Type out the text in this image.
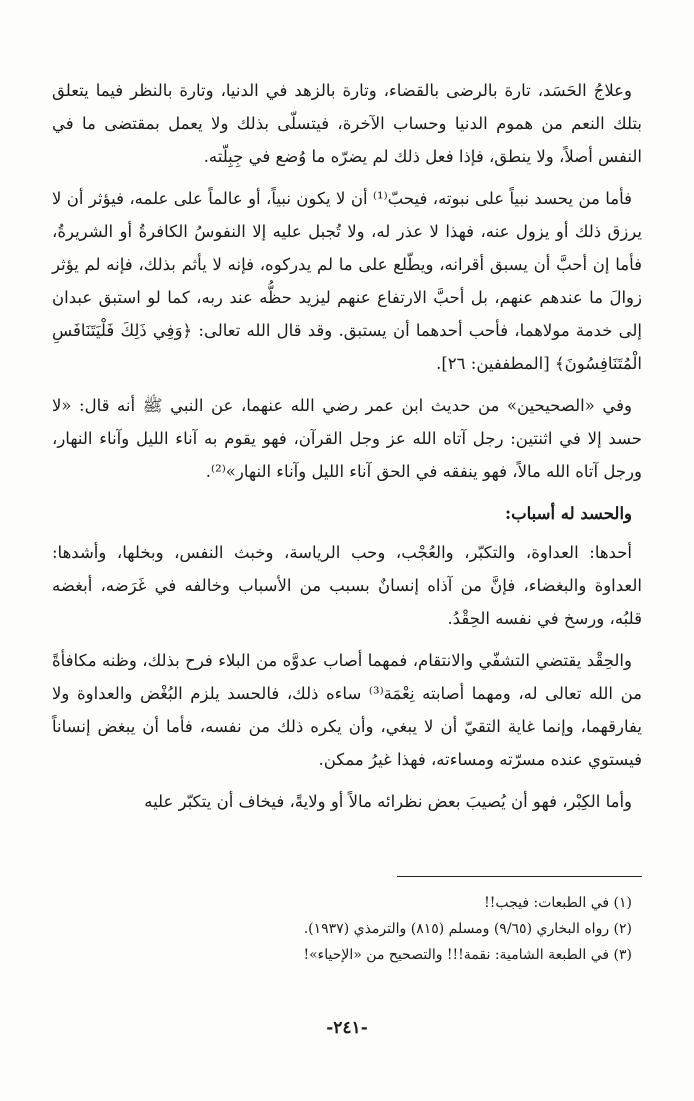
وعلاجُ الحَسَد، تارة بالرضى بالقضاء، وتارة بالزهد في الدنيا، وتارة بالنظر فيما يتعلق بتلك النعم من هموم الدنيا وحساب الآخرة، فيتسلّى بذلك ولا يعمل بمقتضى ما في النفس أصلاً، ولا ينطق، فإذا فعل ذلك لم يضرّه ما وُضع في جِبِلّته.

فأما من يحسد نبياً على نبوته، فيحبّ⁽¹⁾ أن لا يكون نبياً، أو عالماً على علمه، فيؤثر أن لا يرزق ذلك أو يزول عنه، فهذا لا عذر له، ولا تُجبل عليه إلا النفوسُ الكافرةُ أو الشريرةُ، فأما إن أحبَّ أن يسبق أقرانه، ويطّلع على ما لم يدركوه، فإنه لا يأثم بذلك، فإنه لم يؤثر زوالَ ما عندهم عنهم، بل أحبَّ الارتفاع عنهم ليزيد حظُّه عند ربه، كما لو استبق عبدان إلى خدمة مولاهما، فأحب أحدهما أن يستبق. وقد قال الله تعالى: ﴿وَفِي ذَلِكَ فَلْيَتَنَافَسِ الْمُتَنَافِسُونَ﴾ [المطففين: ٢٦].

وفي «الصحيحين» من حديث ابن عمر رضي الله عنهما، عن النبي ﷺ أنه قال: «لا حسد إلا في اثنتين: رجل آتاه الله عز وجل القرآن، فهو يقوم به آناء الليل وآناء النهار، ورجل آتاه الله مالاً، فهو ينفقه في الحق آناء الليل وآناء النهار»⁽²⁾.

والحسد له أسباب:

أحدها: العداوة، والتكبّر، والعُجْب، وحب الرياسة، وخبث النفس، وبخلها، وأشدها: العداوة والبغضاء، فإنَّ من آذاه إنسانٌ بسبب من الأسباب وخالفه في غَرَضه، أبغضه قلبُه، ورسخ في نفسه الحِقْدُ.

والحِقْد يقتضي التشفّي والانتقام، فمهما أصاب عدوَّه من البلاء فرح بذلك، وظنه مكافأةً من الله تعالى له، ومهما أصابته نِعْمَة⁽³⁾ ساءه ذلك، فالحسد يلزم البُغْض والعداوة ولا يفارقهما، وإنما غاية التقيّ أن لا يبغي، وأن يكره ذلك من نفسه، فأما أن يبغض إنساناً فيستوي عنده مسرّته ومساءته، فهذا غيرُ ممكن.

وأما الكِبْر، فهو أن يُصيبَ بعض نظرائه مالاً أو ولايةً، فيخاف أن يتكبّر عليه

(١) في الطبعات: فيجب!!
(٢) رواه البخاري (٩/٦٥) ومسلم (٨١٥) والترمذي (١٩٣٧).
(٣) في الطبعة الشامية: نقمة!!! والتصحيح من «الإحياء»!
-٢٤١-
